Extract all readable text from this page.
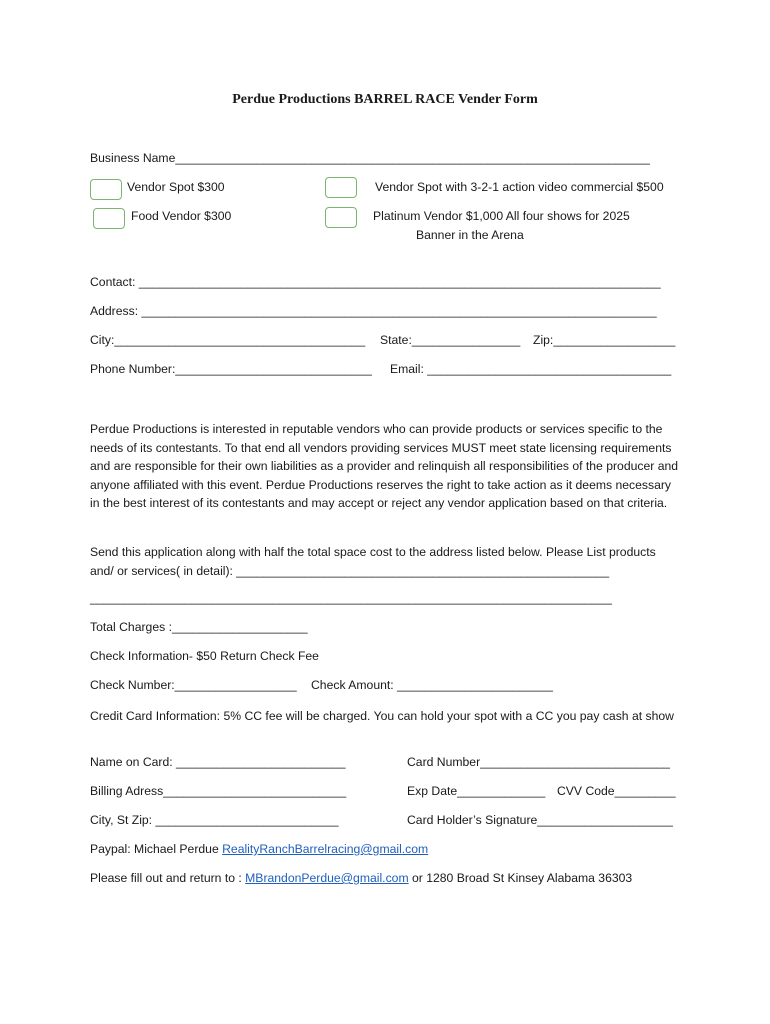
Perdue Productions BARREL RACE Vender Form
Business Name______________________________________________________________________
Vendor Spot $300	Vendor Spot with 3-2-1 action video commercial $500
Food Vendor $300	Platinum Vendor $1,000 All four shows for 2025
Banner in the Arena
Contact: _____________________________________________________________________________
Address: ____________________________________________________________________________
City:_____________________________________ State:________________ Zip:__________________
Phone Number:_____________________________ Email: ____________________________________

Perdue Productions is interested in reputable vendors who can provide products or services specific to the needs of its contestants. To that end all vendors providing services MUST meet state licensing requirements and are responsible for their own liabilities as a provider and relinquish all responsibilities of the producer and anyone affiliated with this event. Perdue Productions reserves the right to take action as it deems necessary in the best interest of its contestants and may accept or reject any vendor application based on that criteria.

Send this application along with half the total space cost to the address listed below. Please List products and/ or services( in detail): _______________________________________________________

_____________________________________________________________________________
Total Charges :____________________
Check Information- $50 Return Check Fee
Check Number:__________________ Check Amount: _______________________

Credit Card Information: 5% CC fee will be charged. You can hold your spot with a CC you pay cash at show

Name on Card: _________________________	Card Number____________________________
Billing Adress___________________________	Exp Date_____________ CVV Code_________
City, St Zip: ___________________________	Card Holder’s Signature____________________
Paypal: Michael Perdue RealityRanchBarrelracing@gmail.com
Please fill out and return to : MBrandonPerdue@gmail.com or 1280 Broad St Kinsey Alabama 36303
